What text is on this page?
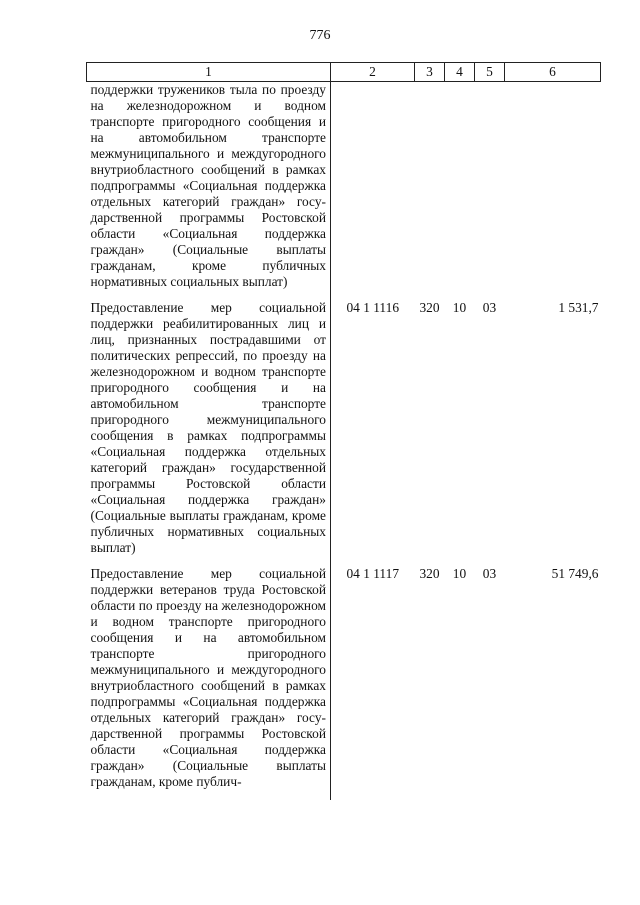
776
1	2	3	4	5	6
поддержки тружеников тыла по проезду на железнодорожном и водном транспорте пригородного сообщения и на автомобильном транспорте межмуниципального и междугородного внутриобластного сообщений в рамках подпрограммы «Социальная поддержка отдельных категорий граждан» государственной программы Ростовской области «Социальная поддержка граждан» (Социальные выплаты гражданам, кроме публичных нормативных социальных выплат)					
Предоставление мер социальной поддержки реабилитированных лиц и лиц, признанных пострадавшими от политических репрессий, по проезду на железнодорожном и водном транспорте пригородного сообщения и на автомобильном транспорте пригородного межмуниципального сообщения в рамках подпрограммы «Социальная поддержка отдельных категорий граждан» государственной программы Ростовской области «Социальная поддержка граждан» (Социальные выплаты гражданам, кроме публичных нормативных социальных выплат)	04 1 1116	320	10	03	1 531,7
Предоставление мер социальной поддержки ветеранов труда Ростовской области по проезду на железнодорожном и водном транспорте пригородного сообщения и на автомобильном транспорте пригородного межмуниципального и междугородного внутриобластного сообщений в рамках подпрограммы «Социальная поддержка отдельных категорий граждан» государственной программы Ростовской области «Социальная поддержка граждан» (Социальные выплаты гражданам, кроме публич-	04 1 1117	320	10	03	51 749,6
